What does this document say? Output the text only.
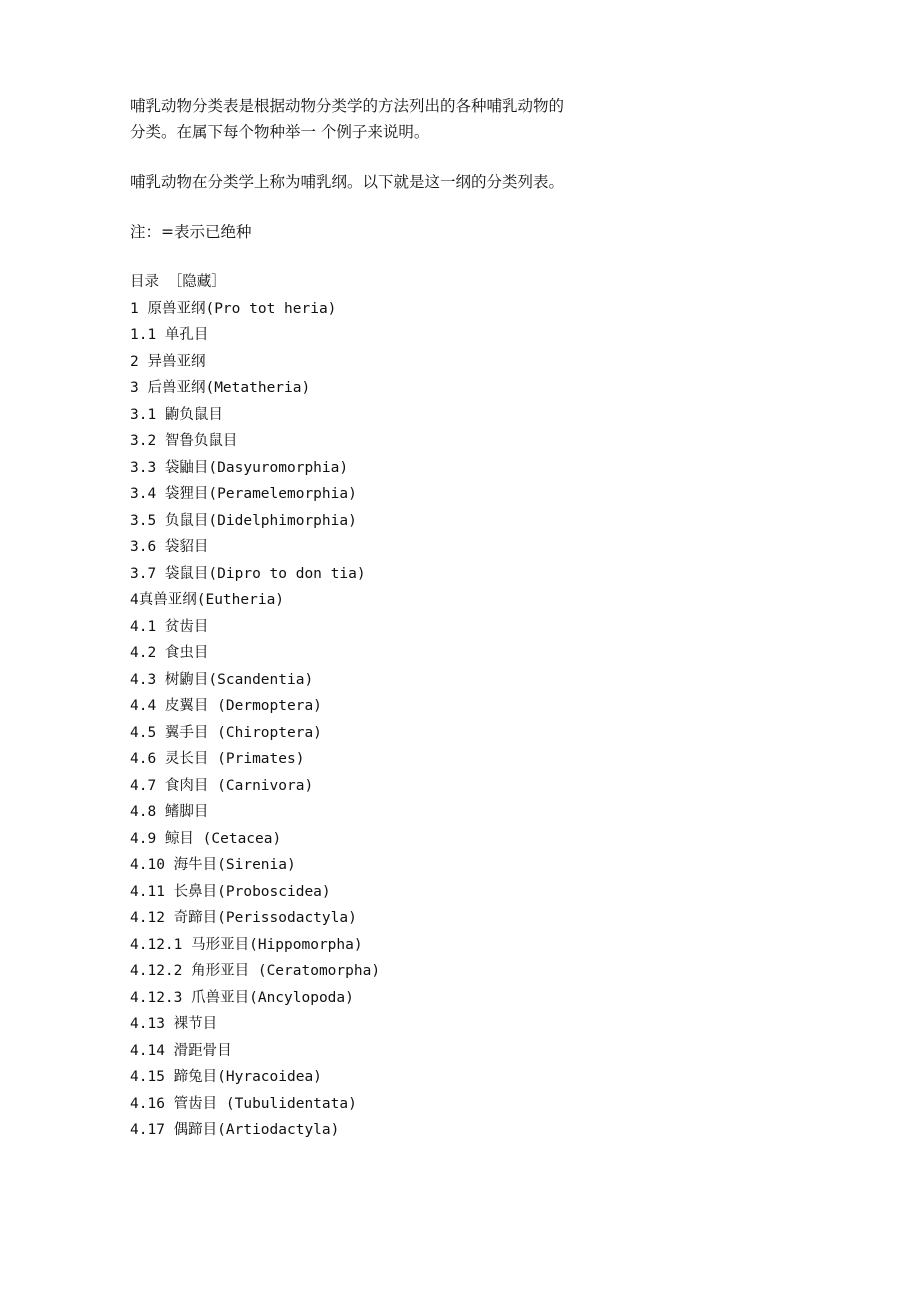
哺乳动物分类表是根据动物分类学的方法列出的各种哺乳动物的
分类。在属下每个物种举一 个例子来说明。

哺乳动物在分类学上称为哺乳纲。以下就是这一纲的分类列表。

注：=表示已绝种

目录 ［隐藏］
1 原兽亚纲(Pro tot heria)
1.1 单孔目
2 异兽亚纲
3 后兽亚纲(Metatheria)
3.1 鼩负鼠目
3.2 智鲁负鼠目
3.3 袋鼬目(Dasyuromorphia)
3.4 袋狸目(Peramelemorphia)
3.5 负鼠目(Didelphimorphia)
3.6 袋貂目
3.7 袋鼠目(Dipro to don tia)
4真兽亚纲(Eutheria)
4.1 贫齿目
4.2 食虫目
4.3 树鼩目(Scandentia)
4.4 皮翼目 (Dermoptera)
4.5 翼手目 (Chiroptera)
4.6 灵长目 (Primates)
4.7 食肉目 (Carnivora)
4.8 鳍脚目
4.9 鲸目 (Cetacea)
4.10 海牛目(Sirenia)
4.11 长鼻目(Proboscidea)
4.12 奇蹄目(Perissodactyla)
4.12.1 马形亚目(Hippomorpha)
4.12.2 角形亚目 (Ceratomorpha)
4.12.3 爪兽亚目(Ancylopoda)
4.13 裸节目
4.14 滑距骨目
4.15 蹄兔目(Hyracoidea)
4.16 管齿目 (Tubulidentata)
4.17 偶蹄目(Artiodactyla)
